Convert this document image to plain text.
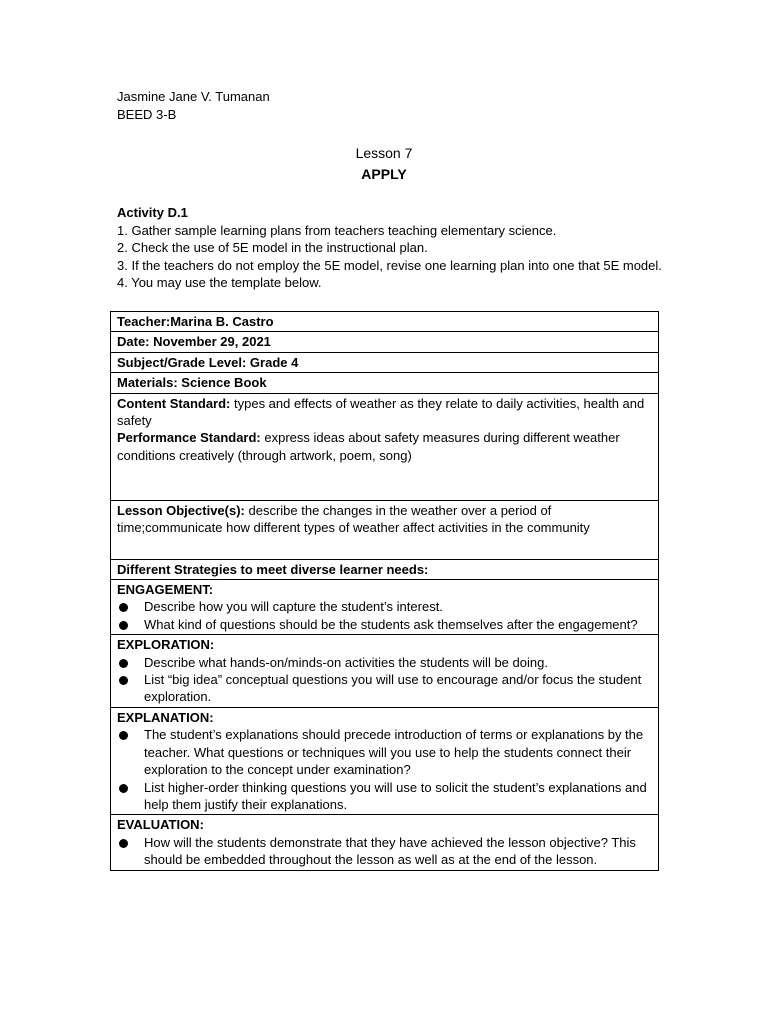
Jasmine Jane V. Tumanan
BEED 3-B
Lesson 7
APPLY
Activity D.1
1. Gather sample learning plans from teachers teaching elementary science.
2. Check the use of 5E model in the instructional plan.
3. If the teachers do not employ the 5E model, revise one learning plan into one that 5E model.
4. You may use the template below.
Teacher:Marina B. Castro
Date: November 29, 2021
Subject/Grade Level: Grade 4
Materials: Science Book

Content Standard: types and effects of weather as they relate to daily activities, health and safety
Performance Standard: express ideas about safety measures during different weather conditions creatively (through artwork, poem, song)

Lesson Objective(s): describe the changes in the weather over a period of time;communicate how different types of weather affect activities in the community
Different Strategies to meet diverse learner needs:

ENGAGEMENT:
Describe how you will capture the student’s interest.
What kind of questions should be the students ask themselves after the engagement?

EXPLORATION:
Describe what hands-on/minds-on activities the students will be doing.
List “big idea” conceptual questions you will use to encourage and/or focus the student exploration.

EXPLANATION:
The student’s explanations should precede introduction of terms or explanations by the teacher. What questions or techniques will you use to help the students connect their exploration to the concept under examination?
List higher-order thinking questions you will use to solicit the student’s explanations and help them justify their explanations.

EVALUATION:
How will the students demonstrate that they have achieved the lesson objective? This should be embedded throughout the lesson as well as at the end of the lesson.
